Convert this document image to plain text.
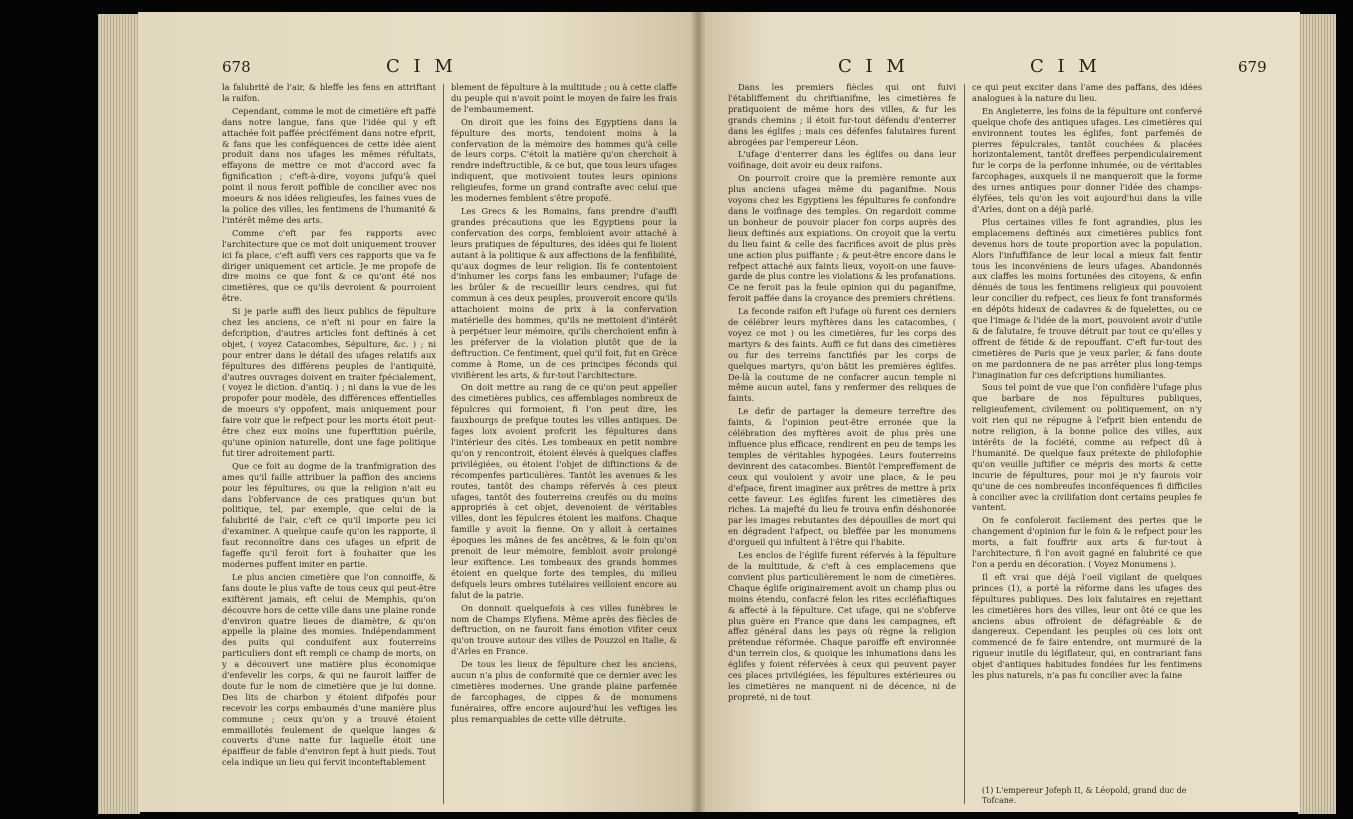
678	C I M

la falubrité de l'air, & bleffe les fens en attriftant la raifon.

Cependant, comme le mot de cimetière eft paffé dans notre langue, fans que l'idée qui y eft attachée foit paffée précifément dans notre efprit, & fans que les conféquences de cette idée aient produit dans nos ufages les mêmes réfultats, effayons de mettre ce mot d'accord avec fa fignification ; c'eft-à-dire, voyons jufqu'à quel point il nous feroit poffible de concilier avec nos moeurs & nos idées religieufes, les faines vues de la police des villes, les fentimens de l'humanité & l'intérêt même des arts.

Comme c'eft par fes rapports avec l'architecture que ce mot doit uniquement trouver ici fa place, c'eft auffi vers ces rapports que va fe diriger uniquement cet article. Je me propofe de dire moins ce que font & ce qu'ont été nos cimetières, que ce qu'ils devroient & pourroient être.

Si je parle auffi des lieux publics de fépulture chez les anciens, ce n'eft ni pour en faire la defcription, d'autres articles font deftinés à cet objet, ( voyez Catacombes, Sépulture, &c. ) ; ni pour entrer dans le détail des ufages relatifs aux fépultures des différens peuples de l'antiquité, d'autres ouvrages doivent en traiter fpécialement, ( voyez le diction. d'antiq. ) ; ni dans la vue de les propofer pour modèle, des différences effentielles de moeurs s'y oppofent, mais uniquement pour faire voir que le refpect pour les morts étoit peut-être chez eux moins une fuperftition puérile, qu'une opinion naturelle, dont une fage politique fut tirer adroitement parti.

Que ce foit au dogme de la tranfmigration des ames qu'il faille attribuer la paffion des anciens pour les fépultures, ou que la religion n'ait eu dans l'obfervance de ces pratiques qu'un but politique, tel, par exemple, que celui de la falubrité de l'air, c'eft ce qu'il importe peu ici d'examiner. A quelque caufe qu'on les rapporte, il faut reconnoître dans ces ufages un efprit de fageffe qu'il feroit fort à fouhaiter que les modernes puffent imiter en partie.

Le plus ancien cimetière que l'on connoiffe, & fans doute le plus vafte de tous ceux qui peut-être exiftèrent jamais, eft celui de Memphis, qu'on découvre hors de cette ville dans une plaine ronde d'environ quatre lieues de diamètre, & qu'on appelle la plaine des momies. Indépendamment des puits qui conduifent aux fouterreins particuliers dont eft rempli ce champ de morts, on y a découvert une matière plus économique d'enfevelir les corps, & qui ne fauroit laiffer de doute fur le nom de cimetière que je lui donne. Des lits de charbon y étoient difpofés pour recevoir les corps embaumés d'une manière plus commune ; ceux qu'on y a trouvé étoient emmaillotés feulement de quelque langes & couverts d'une natte fur laquelle étoit une épaiffeur de fable d'environ fept à huit pieds. Tout cela indique un lieu qui fervit inconteftablement

blement de fépulture à la multitude ; ou à cette claffe du peuple qui n'avoit point le moyen de faire les frais de l'embaumement.

On diroit que les foins des Egyptiens dans la fépulture des morts, tendoient moins à la confervation de la mémoire des hommes qu'à celle de leurs corps. C'étoit la matière qu'on cherchoit à rendre indeftructible, & ce but, que tous leurs ufages indiquent, que motivoient toutes leurs opinions religieufes, forme un grand contrafte avec celui que les modernes femblent s'être propofé.

Les Grecs & les Romains, fans prendre d'auffi grandes précautions que les Egyptiens pour la confervation des corps, fembloient avoir attaché à leurs pratiques de fépultures, des idées qui fe lioient autant à la politique & aux affections de la fenfibilité, qu'aux dogmes de leur religion. Ils fe contentoient d'inhumer les corps fans les embaumer; l'ufage de les brûler & de recueillir leurs cendres, qui fut commun à ces deux peuples, prouveroit encore qu'ils attachoient moins de prix à la confervation matérielle des hommes, qu'ils ne mettoient d'intérêt à perpétuer leur mémoire, qu'ils cherchoient enfin à les préferver de la violation plutôt que de la deftruction. Ce fentiment, quel qu'il foit, fut en Grèce comme à Rome, un de ces principes féconds qui vivifièrent les arts, & fur-tout l'architecture.

On doit mettre au rang de ce qu'on peut appeller des cimetières publics, ces affemblages nombreux de fépulcres qui formoient, fi l'on peut dire, les fauxbourgs de prefque toutes les villes antiques. De fages loix avoient profcrit les fépultures dans l'intérieur des cités. Les tombeaux en petit nombre qu'on y rencontroit, étoient élevés à quelques claffes privilégiées, ou étoient l'objet de diftinctions & de récompenfes particulières. Tantôt les avenues & les routes, tantôt des champs réfervés à ces pieux ufages, tantôt des fouterreins creufés ou du moins appropriés à cet objet, devenoient de véritables villes, dont les fépulcres étoient les maifons. Chaque famille y avoit la fienne. On y alloit à certaines époques les mânes de fes ancêtres, & le foin qu'on prenoit de leur mémoire, fembloit avoir prolongé leur exiftence. Les tombeaux des grands hommes étoient en quelque forte des temples, du milieu defquels leurs ombres tutélaires veilloient encore au falut de la patrie.

On donnoit quelquefois à ces villes funèbres le nom de Champs Elyfiens. Même après des fiècles de deftruction, on ne fauroit fans émotion vifiter ceux qu'on trouve autour des villes de Pouzzol en Italie, & d'Arles en France.

De tous les lieux de fépulture chez les anciens, aucun n'a plus de conformité que ce dernier avec les cimetières modernes. Une grande plaine parfemée de farcophages, de cippes & de monumens funéraires, offre encore aujourd'hui les veftiges les plus remarquables de cette ville détruite.

C I M	C I M	679

Dans les premiers fiècles qui ont fuivi l'établiffement du chriftianifme, les cimetières fe pratiquoient de même hors des villes, & fur les grands chemins ; il étoit fur-tout défendu d'enterrer dans les églifes ; mais ces défenfes falutaires furent abrogées par l'empereur Léon.

L'ufage d'enterrer dans les églifes ou dans leur voifinage, doit avoir eu deux raifons.

On pourroit croire que la première remonte aux plus anciens ufages même du paganifme. Nous voyons chez les Egyptiens les fépultures fe confondre dans le voifinage des temples. On regardoit comme un bonheur de pouvoir placer fon corps auprès des lieux deftinés aux expiations. On croyoit que la vertu du lieu faint & celle des facrifices avoit de plus près une action plus puiffante ; & peut-être encore dans le refpect attaché aux faints lieux, voyoit-on une fauve-garde de plus contre les violations & les profanations. Ce ne feroit pas la feule opinion qui du paganifme, feroit paffée dans la croyance des premiers chrétiens.

La feconde raifon eft l'ufage où furent ces derniers de célébrer leurs myftères dans les catacombes, ( voyez ce mot ) ou les cimetières, fur les corps des martyrs & des faints. Auffi ce fut dans des cimetières ou fur des terreins fanctifiés par les corps de quelques martyrs, qu'on bâtit les premières églifes. De-là la coutume de ne confacrer aucun temple ni même aucun autel, fans y renfermer des reliques de faints.

Le defir de partager la demeure terreftre des faints, & l'opinion peut-être erronée que la célébration des myftères avoit de plus près une influence plus efficace, rendirent en peu de temps les temples de véritables hypogées. Leurs fouterreins devinrent des catacombes. Bientôt l'empreffement de ceux qui vouloient y avoir une place, & le peu d'efpace, firent imaginer aux prêtres de mettre à prix cette faveur. Les églifes furent les cimetières des riches. La majefté du lieu fe trouva enfin déshonorée par les images rebutantes des dépouilles de mort qui en dégradent l'afpect, ou bleffée par les monumens d'orgueil qui infultent à l'être qui l'habite.

Les enclos de l'églife furent réfervés à la fépulture de la multitude, & c'eft à ces emplacemens que convient plus particulièrement le nom de cimetières. Chaque églife originairement avoit un champ plus ou moins étendu, confacré felon les rites eccléfiaftiques & affecté à la fépulture. Cet ufage, qui ne s'obferve plus guère en France que dans les campagnes, eft affez général dans les pays où règne la religion prétendue réformée. Chaque paroiffe eft environnée d'un terrein clos, & quoique les inhumations dans les églifes y foient réfervées à ceux qui peuvent payer ces places privilégiées, les fépultures extérieures ou les cimetières ne manquent ni de décence, ni de propreté, ni de tout

ce qui peut exciter dans l'ame des paffans, des idées analogues à la nature du lieu.

En Angleterre, les foins de la fépulture ont confervé quelque chofe des antiques ufages. Les cimetières qui environnent toutes les églifes, font parfemés de pierres fépulcrales, tantôt couchées & placées horizontalement, tantôt dreffées perpendiculairement fur le corps de la perfonne inhumée, ou de véritables farcophages, auxquels il ne manqueroit que la forme des urnes antiques pour donner l'idée des champs-élyfées, tels qu'on les voit aujourd'hui dans la ville d'Arles, dont on a déjà parlé.

Plus certaines villes fe font agrandies, plus les emplacemens deftinés aux cimetières publics font devenus hors de toute proportion avec la population. Alors l'infuffifance de leur local a mieux fait fentir tous les inconvéniens de leurs ufages. Abandonnés aux claffes les moins fortunées des citoyens, & enfin dénués de tous les fentimens religieux qui pouvoient leur concilier du refpect, ces lieux fe font transformés en dépôts hideux de cadavres & de fquelettes, ou ce que l'image & l'idée de la mort, pouvoient avoir d'utile & de falutaire, fe trouve détruit par tout ce qu'elles y offrent de fétide & de repouffant. C'eft fur-tout des cimetières de Paris que je veux parler, & fans doute on me pardonnera de ne pas arrêter plus long-temps l'imagination fur ces defcriptions humiliantes.

Sous tel point de vue que l'on confidère l'ufage plus que barbare de nos fépultures publiques, religieufement, civilement ou politiquement, on n'y voit rien qui ne répugne à l'efprit bien entendu de notre religion, à la bonne police des villes, aux intérêts de la fociété, comme au refpect dû à l'humanité. De quelque faux prétexte de philofophie qu'on veuille juftifier ce mépris des morts & cette incurie de fépultures, pour moi je n'y faurois voir qu'une de ces nombreufes inconféquences fi difficiles à concilier avec la civilifation dont certains peuples fe vantent.

On fe confoleroit facilement des pertes que le changement d'opinion fur le foin & le refpect pour les morts, a fait fouffrir aux arts & fur-tout à l'architecture, fi l'on avoit gagné en falubrité ce que l'on a perdu en décoration. ( Voyez Monumens ).

Il eft vrai que déjà l'oeil vigilant de quelques princes (1), a porté la réforme dans les ufages des fépultures publiques. Des loix falutaires en rejettant les cimetières hors des villes, leur ont ôté ce que les anciens abus offroient de défagréable & de dangereux. Cependant les peuples où ces loix ont commencé de fe faire entendre, ont murmuré de la rigueur inutile du légiflateur, qui, en contrariant fans objet d'antiques habitudes fondées fur les fentimens les plus naturels, n'a pas fu concilier avec la faine

(1) L'empereur Jofeph II, & Léopold, grand duc de Tofcane.
